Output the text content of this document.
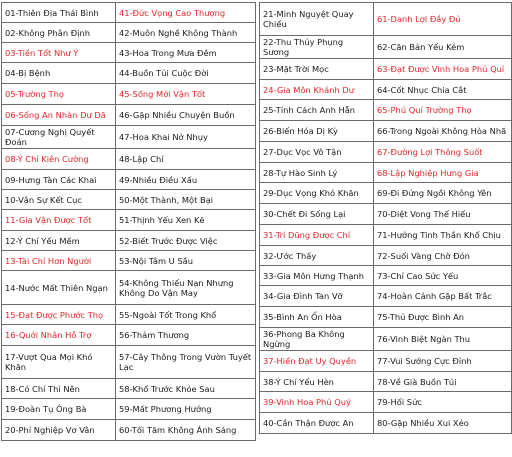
01-Thiên Địa Thái Bình	41-Đức Vọng Cao Thượng
02-Không Phân Định	42-Muôn Nghề Không Thành
03-Tiền Tốt Như Ý	43-Hoa Trong Mưa Đêm
04-Bị Bệnh	44-Buồn Tủi Cuộc Đời
05-Trường Thọ	45-Sống Mới Vận Tốt
06-Sống An Nhàn Dư Dã	46-Gặp Nhiều Chuyện Buồn
07-Cương Nghị Quyết Đoán	47-Hoa Khai Nở Nhụy
08-Ý Chí Kiên Cường	48-Lập Chí
09-Hưng Tàn Các Khai	49-Nhiều Điều Xấu
10-Vận Sự Kết Cục	50-Một Thành, Một Bại
11-Gia Vận Được Tốt	51-Thịnh Yếu Xen Kẽ
12-Ý Chí Yếu Mềm	52-Biết Trước Được Việc
13-Tài Chí Hơn Người	53-Nội Tâm U Sầu
14-Nước Mất Thiên Ngạn	54-Không Thiếu Nạn Nhưng Không Do Vận May
15-Đạt Được Phước Thọ	55-Ngoài Tốt Trong Khổ
16-Quới Nhân Hỗ Trợ	56-Thảm Thương
17-Vượt Qua Mọi Khó Khăn	57-Cây Thông Trong Vườn Tuyết Lạc
18-Có Chí Thì Nên	58-Khổ Trước Khỏe Sau
19-Đoàn Tụ Ông Bà	59-Mất Phương Hướng
20-Phí Nghiệp Vơ Vân	60-Tối Tăm Không Ánh Sáng
21-Minh Nguyệt Quay Chiếu	61-Danh Lợi Đầy Đủ
22-Thu Thủy Phụng Sương	62-Căn Bản Yếu Kém
23-Mặt Trời Mọc	63-Đạt Được Vinh Hoa Phú Quí
24-Gia Môn Khánh Dư	64-Cốt Nhục Chia Cắt
25-Tính Cách Anh Hẫn	65-Phú Quí Trường Thọ
26-Biến Hóa Dị Kỳ	66-Trong Ngoài Không Hòa Nhã
27-Dục Vọc Vô Tận	67-Đường Lợi Thông Suốt
28-Tự Hào Sinh Lý	68-Lập Nghiệp Hưng Gia
29-Dục Vọng Khó Khăn	69-Đi Đứng Ngồi Không Yên
30-Chết Đi Sống Lại	70-Diệt Vong Thế Hiếu
31-Trí Dũng Được Chí	71-Hưởng Tinh Thần Khổ Chịu
32-Ước Thấy	72-Suối Vàng Chờ Đón
33-Gia Môn Hưng Thạnh	73-Chỉ Cao Sức Yếu
34-Gia Đình Tan Vỡ	74-Hoàn Cảnh Gặp Bất Trắc
35-Bình An Ổn Hòa	75-Thủ Được Bình An
36-Phong Ba Không Ngừng	76-Vinh Biệt Ngàn Thu
37-Hiển Đạt Uy Quyền	77-Vui Sướng Cực Đỉnh
38-Ý Chí Yếu Hèn	78-Về Già Buồn Tủi
39-Vinh Hoa Phú Quý	79-Hối Sức
40-Cần Thận Được An	80-Gặp Nhiều Xui Xẻo
